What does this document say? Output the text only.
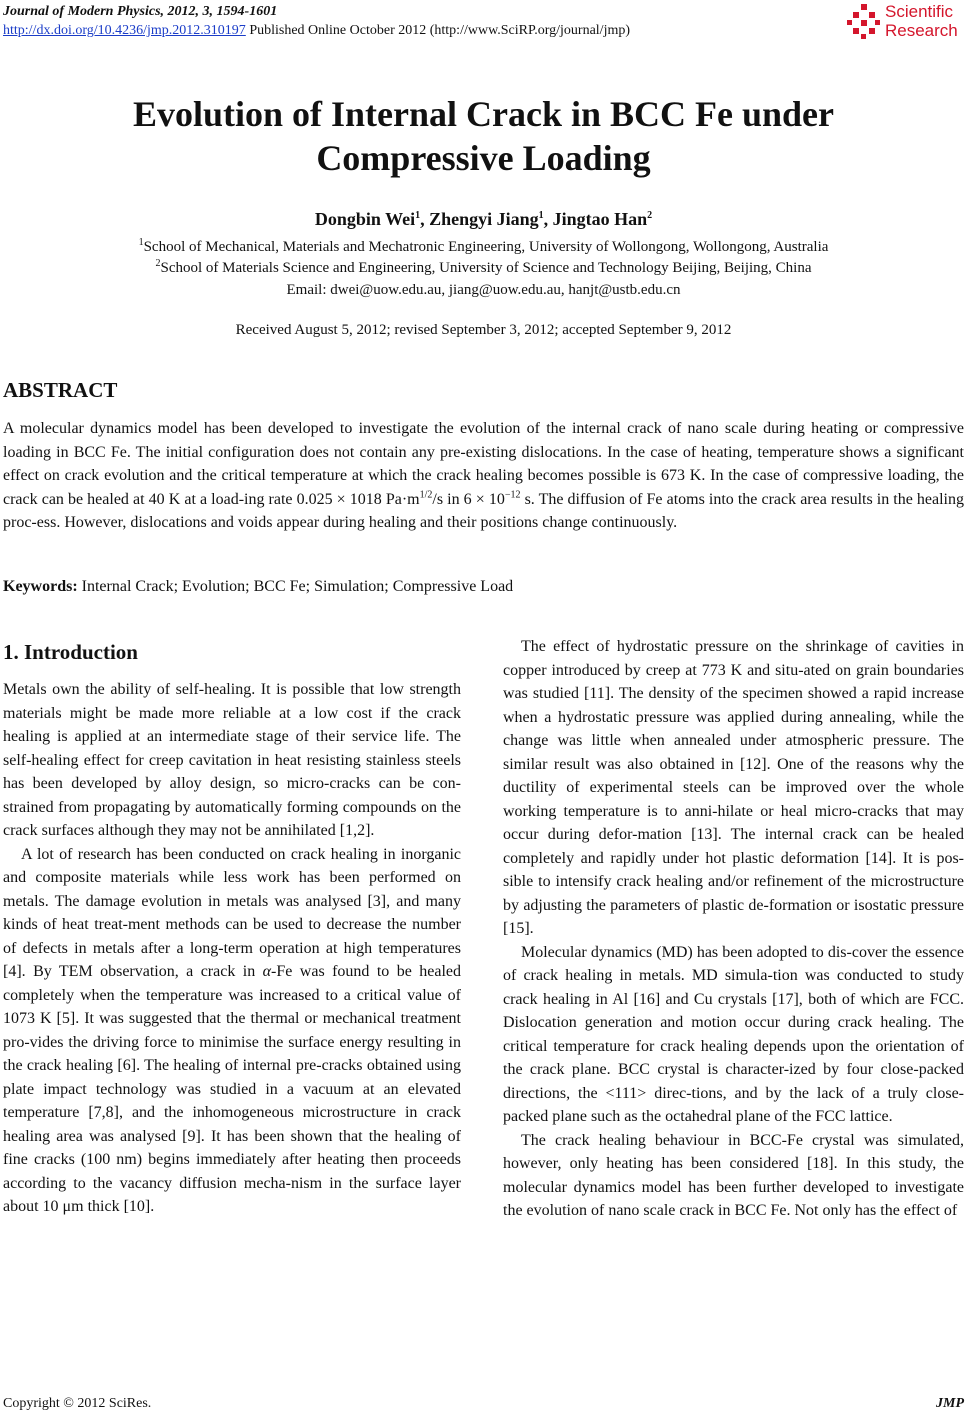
Journal of Modern Physics, 2012, 3, 1594-1601
http://dx.doi.org/10.4236/jmp.2012.310197 Published Online October 2012 (http://www.SciRP.org/journal/jmp)
Scientific
Research
Evolution of Internal Crack in BCC Fe under
Compressive Loading
Dongbin Wei$^1$, Zhengyi Jiang$^1$, Jingtao Han$^2$
$^1$School of Mechanical, Materials and Mechatronic Engineering, University of Wollongong, Wollongong, Australia
$^2$School of Materials Science and Engineering, University of Science and Technology Beijing, Beijing, China
Email: dwei@uow.edu.au, jiang@uow.edu.au, hanjt@ustb.edu.cn
Received August 5, 2012; revised September 3, 2012; accepted September 9, 2012
ABSTRACT

A molecular dynamics model has been developed to investigate the evolution of the internal crack of nano scale during heating or compressive loading in BCC Fe. The initial configuration does not contain any pre-existing dislocations. In the case of heating, temperature shows a significant effect on crack evolution and the critical temperature at which the crack healing becomes possible is 673 K. In the case of compressive loading, the crack can be healed at 40 K at a load-ing rate 0.025 × 1018 $Pa\cdot m^{1/2}/s$ in $6 \times 10^{-12}$ s. The diffusion of Fe atoms into the crack area results in the healing proc-ess. However, dislocations and voids appear during healing and their positions change continuously.

Keywords: Internal Crack; Evolution; BCC Fe; Simulation; Compressive Load
1. Introduction

Metals own the ability of self-healing. It is possible that low strength materials might be made more reliable at a low cost if the crack healing is applied at an intermediate stage of their service life. The self-healing effect for creep cavitation in heat resisting stainless steels has been developed by alloy design, so micro-cracks can be con-strained from propagating by automatically forming compounds on the crack surfaces although they may not be annihilated [1,2].

A lot of research has been conducted on crack healing in inorganic and composite materials while less work has been performed on metals. The damage evolution in metals was analysed [3], and many kinds of heat treat-ment methods can be used to decrease the number of defects in metals after a long-term operation at high temperatures [4]. By TEM observation, a crack in α-Fe was found to be healed completely when the temperature was increased to a critical value of 1073 K [5]. It was suggested that the thermal or mechanical treatment pro-vides the driving force to minimise the surface energy resulting in the crack healing [6]. The healing of internal pre-cracks obtained using plate impact technology was studied in a vacuum at an elevated temperature [7,8], and the inhomogeneous microstructure in crack healing area was analysed [9]. It has been shown that the healing of fine cracks (100 nm) begins immediately after heating then proceeds according to the vacancy diffusion mecha-nism in the surface layer about 10 μm thick [10].

The effect of hydrostatic pressure on the shrinkage of cavities in copper introduced by creep at 773 K and situ-ated on grain boundaries was studied [11]. The density of the specimen showed a rapid increase when a hydrostatic pressure was applied during annealing, while the change was little when annealed under atmospheric pressure. The similar result was also obtained in [12]. One of the reasons why the ductility of experimental steels can be improved over the whole working temperature is to anni-hilate or heal micro-cracks that may occur during defor-mation [13]. The internal crack can be healed completely and rapidly under hot plastic deformation [14]. It is pos-sible to intensify crack healing and/or refinement of the microstructure by adjusting the parameters of plastic de-formation or isostatic pressure [15].

Molecular dynamics (MD) has been adopted to dis-cover the essence of crack healing in metals. MD simula-tion was conducted to study crack healing in Al [16] and Cu crystals [17], both of which are FCC. Dislocation generation and motion occur during crack healing. The critical temperature for crack healing depends upon the orientation of the crack plane. BCC crystal is character-ized by four close-packed directions, the <111> direc-tions, and by the lack of a truly close-packed plane such as the octahedral plane of the FCC lattice.

The crack healing behaviour in BCC-Fe crystal was simulated, however, only heating has been considered [18]. In this study, the molecular dynamics model has been further developed to investigate the evolution of nano scale crack in BCC Fe. Not only has the effect of

Copyright © 2012 SciRes.	JMP
